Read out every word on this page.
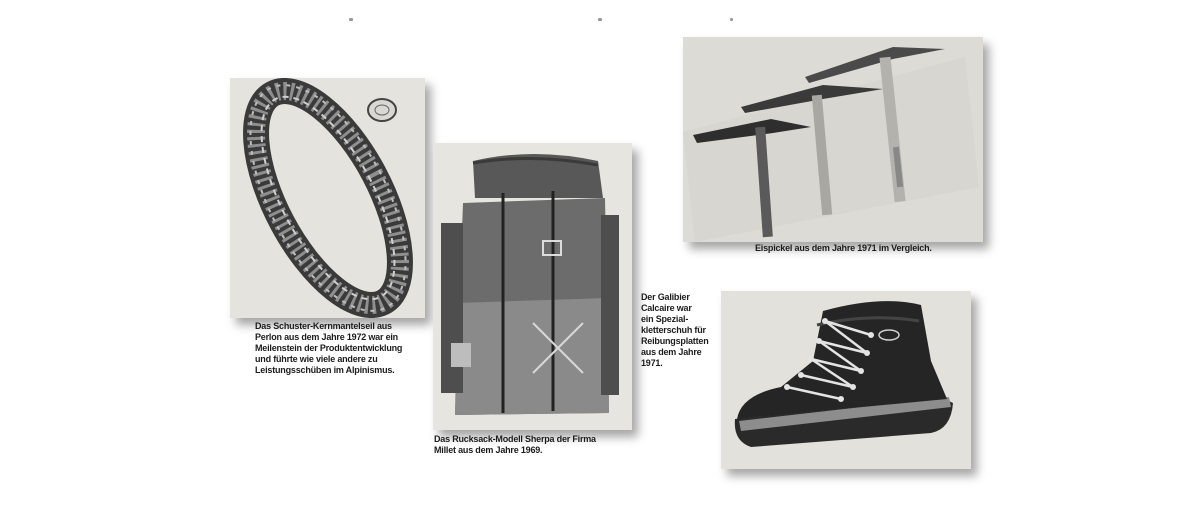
Das Schuster-Kernmantelseil aus
Perlon aus dem Jahre 1972 war ein
Meilenstein der Produktentwicklung
und führte wie viele andere zu
Leistungsschüben im Alpinismus.
Das Rucksack-Modell Sherpa der Firma
Millet aus dem Jahre 1969.
Der Galibier
Calcaire war
ein Spezial-
kletterschuh für
Reibungsplatten
aus dem Jahre
1971.
Eispickel aus dem Jahre 1971 im Vergleich.
